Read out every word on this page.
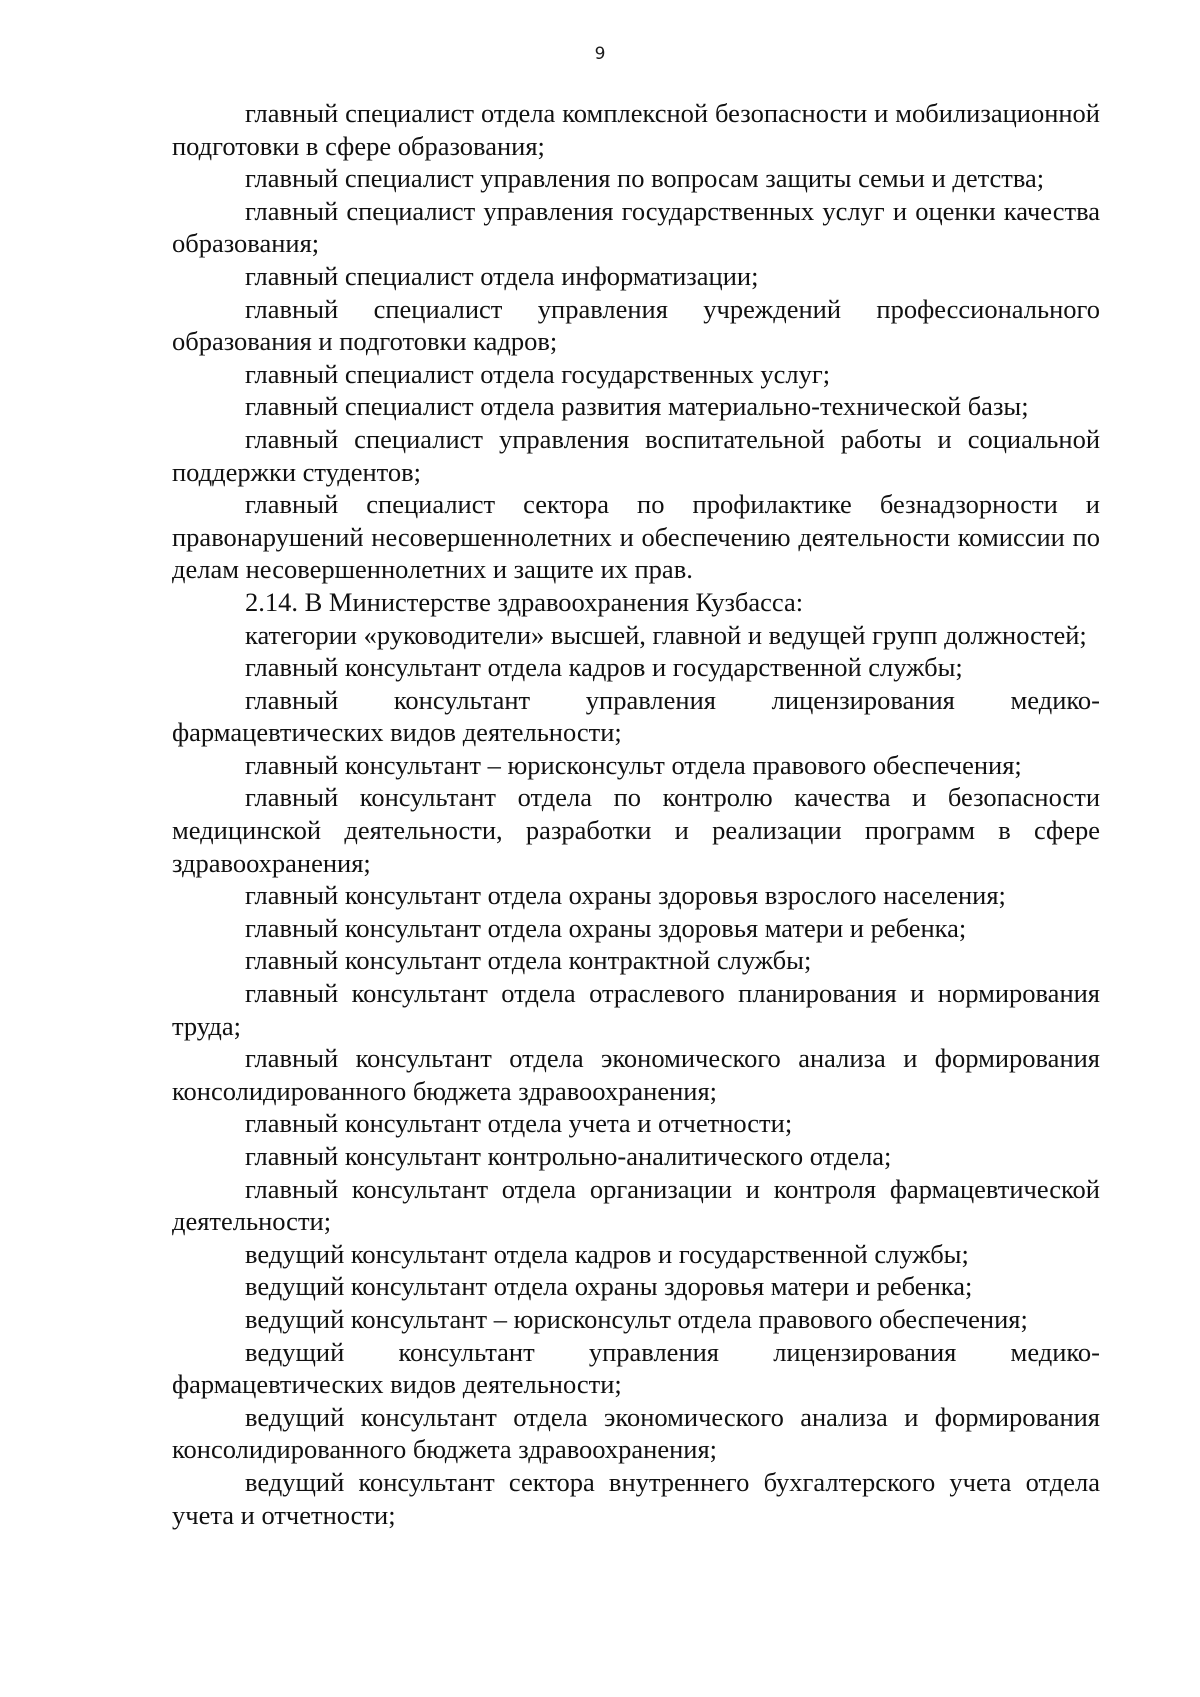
9

главный специалист отдела комплексной безопасности и мобилизационной подготовки в сфере образования;

главный специалист управления по вопросам защиты семьи и детства;

главный специалист управления государственных услуг и оценки качества образования;

главный специалист отдела информатизации;

главный специалист управления учреждений профессионального образования и подготовки кадров;

главный специалист отдела государственных услуг;

главный специалист отдела развития материально-технической базы;

главный специалист управления воспитательной работы и социальной поддержки студентов;

главный специалист сектора по профилактике безнадзорности и правонарушений несовершеннолетних и обеспечению деятельности комиссии по делам несовершеннолетних и защите их прав.

2.14. В Министерстве здравоохранения Кузбасса:

категории «руководители» высшей, главной и ведущей групп должностей;

главный консультант отдела кадров и государственной службы;

главный консультант управления лицензирования медико-фармацевтических видов деятельности;

главный консультант – юрисконсульт отдела правового обеспечения;

главный консультант отдела по контролю качества и безопасности медицинской деятельности, разработки и реализации программ в сфере здравоохранения;

главный консультант отдела охраны здоровья взрослого населения;

главный консультант отдела охраны здоровья матери и ребенка;

главный консультант отдела контрактной службы;

главный консультант отдела отраслевого планирования и нормирования труда;

главный консультант отдела экономического анализа и формирования консолидированного бюджета здравоохранения;

главный консультант отдела учета и отчетности;

главный консультант контрольно-аналитического отдела;

главный консультант отдела организации и контроля фармацевтической деятельности;

ведущий консультант отдела кадров и государственной службы;

ведущий консультант отдела охраны здоровья матери и ребенка;

ведущий консультант – юрисконсульт отдела правового обеспечения;

ведущий консультант управления лицензирования медико-фармацевтических видов деятельности;

ведущий консультант отдела экономического анализа и формирования консолидированного бюджета здравоохранения;

ведущий консультант сектора внутреннего бухгалтерского учета отдела учета и отчетности;
